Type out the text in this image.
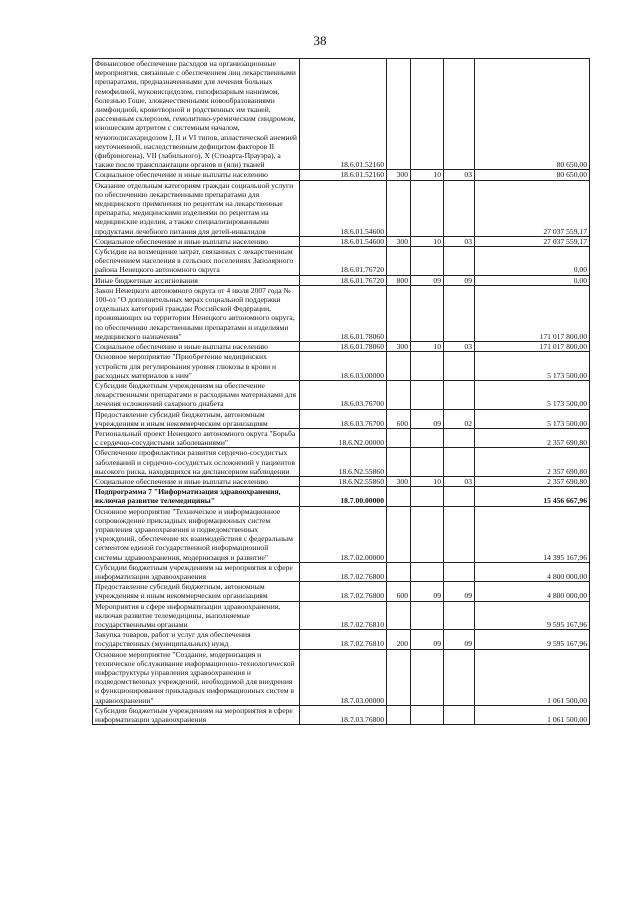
38
Финансовое обеспечение расходов на организационные мероприятия, связанные с обеспечением лиц лекарственными препаратами, предназначенными для лечения больных гемофилией, муковисцидозом, гипофизарным нанизмом, болезнью Гоше, злокачественными новообразованиями лимфоидной, кроветворной и родственных им тканей, рассеянным склерозом, гемолитико-уремическим синдромом, юношеским артритом с системным началом, мукополисахаридозом I, II и VI типов, апластической анемией неуточненной, наследственным дефицитом факторов II (фибриногена), VII (лабильного), X (Стюарта-Прауэра), а также после трансплантации органов и (или) тканей	18.6.01.52160				80 650,00
Социальное обеспечение и иные выплаты населению	18.6.01.52160	300	10	03	80 650,00
Оказание отдельным категориям граждан социальной услуги по обеспечению лекарственными препаратами для медицинского применения по рецептам на лекарственные препараты, медицинскими изделиями по рецептам на медицинские изделия, а также специализированными продуктами лечебного питания для детей-инвалидов	18.6.01.54600				27 037 559,17
Социальное обеспечение и иные выплаты населению	18.6.01.54600	300	10	03	27 037 559,17
Субсидии на возмещение затрат, связанных с лекарственным обеспечением населения в сельских поселениях Заполярного района Ненецкого автономного округа	18.6.01.76720				0,00
Иные бюджетные ассигнования	18.6.01.76720	800	09	09	0,00
Закон Ненецкого автономного округа от 4 июля 2007 года № 100-оз "О дополнительных мерах социальной поддержки отдельных категорий граждан Российской Федерации, проживающих на территории Ненецкого автономного округа, по обеспечению лекарственными препаратами и изделиями медицинского назначения"	18.6.01.78060				171 017 800,00
Социальное обеспечение и иные выплаты населению	18.6.01.78060	300	10	03	171 017 800,00
Основное мероприятие "Приобретение медицинских устройств для регулирования уровня глюкозы в крови и расходных материалов к ним"	18.6.03.00000				5 173 500,00
Субсидии бюджетным учреждениям на обеспечение лекарственными препаратами и расходными материалами для лечения осложнений сахарного диабета	18.6.03.76700				5 173 500,00
Предоставление субсидий бюджетным, автономным учреждениям и иным некоммерческим организациям	18.6.03.76700	600	09	02	5 173 500,00
Региональный проект Ненецкого автономного округа "Борьба с сердечно-сосудистыми заболеваниями"	18.6.N2.00000				2 357 690,80
Обеспечение профилактики развития сердечно-сосудистых заболеваний и сердечно-сосудистых осложнений у пациентов высокого риска, находящихся на диспансерном наблюдении	18.6.N2.55860				2 357 690,80
Социальное обеспечение и иные выплаты населению	18.6.N2.55860	300	10	03	2 357 690,80
Подпрограмма 7 "Информатизация здравоохранения, включая развитие телемедицины"	18.7.00.00000				15 456 667,96
Основное мероприятие "Техническое и информационное сопровождение прикладных информационных систем управления здравоохранения и подведомственных учреждений, обеспечение их взаимодействия с федеральным сегментом единой государственной информационной системы здравоохранения, модернизация и развитие"	18.7.02.00000				14 395 167,96
Субсидии бюджетным учреждениям на мероприятия в сфере информатизации здравоохранения	18.7.02.76800				4 800 000,00
Предоставление субсидий бюджетным, автономным учреждениям и иным некоммерческим организациям	18.7.02.76800	600	09	09	4 800 000,00
Мероприятия в сфере информатизации здравоохранения, включая развитие телемедицины, выполняемые государственными органами	18.7.02.76810				9 595 167,96
Закупка товаров, работ и услуг для обеспечения государственных (муниципальных) нужд	18.7.02.76810	200	09	09	9 595 167,96
Основное мероприятие "Создание, модернизация и техническое обслуживание информационно-технологической инфраструктуры управления здравоохранения и подведомственных учреждений, необходимой для внедрения и функционирования прикладных информационных систем в здравоохранении"	18.7.03.00000				1 061 500,00
Субсидии бюджетным учреждениям на мероприятия в сфере информатизации здравоохранения	18.7.03.76800				1 061 500,00
